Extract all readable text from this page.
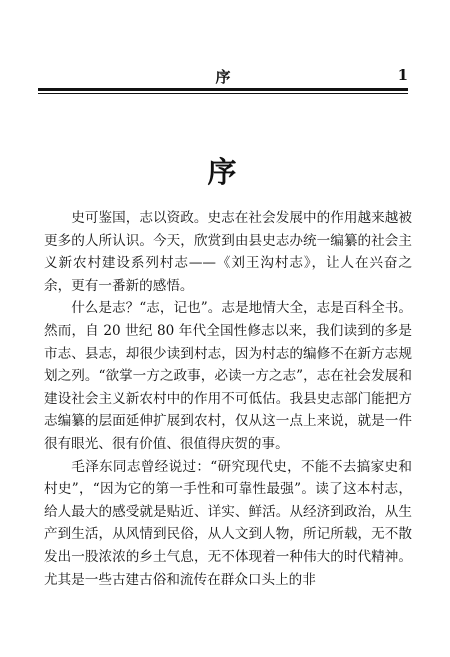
序	1
序

史可鉴国，志以资政。史志在社会发展中的作用越来越被更多的人所认识。今天，欣赏到由县史志办统一编纂的社会主义新农村建设系列村志——《刘王沟村志》，让人在兴奋之余，更有一番新的感悟。

什么是志？“志，记也”。志是地情大全，志是百科全书。然而，自 20 世纪 80 年代全国性修志以来，我们读到的多是市志、县志，却很少读到村志，因为村志的编修不在新方志规划之列。“欲掌一方之政事，必读一方之志”，志在社会发展和建设社会主义新农村中的作用不可低估。我县史志部门能把方志编纂的层面延伸扩展到农村，仅从这一点上来说，就是一件很有眼光、很有价值、很值得庆贺的事。

毛泽东同志曾经说过：“研究现代史，不能不去搞家史和村史”，“因为它的第一手性和可靠性最强”。读了这本村志，给人最大的感受就是贴近、详实、鲜活。从经济到政治，从生产到生活，从风情到民俗，从人文到人物，所记所载，无不散发出一股浓浓的乡土气息，无不体现着一种伟大的时代精神。尤其是一些古建古俗和流传在群众口头上的非
